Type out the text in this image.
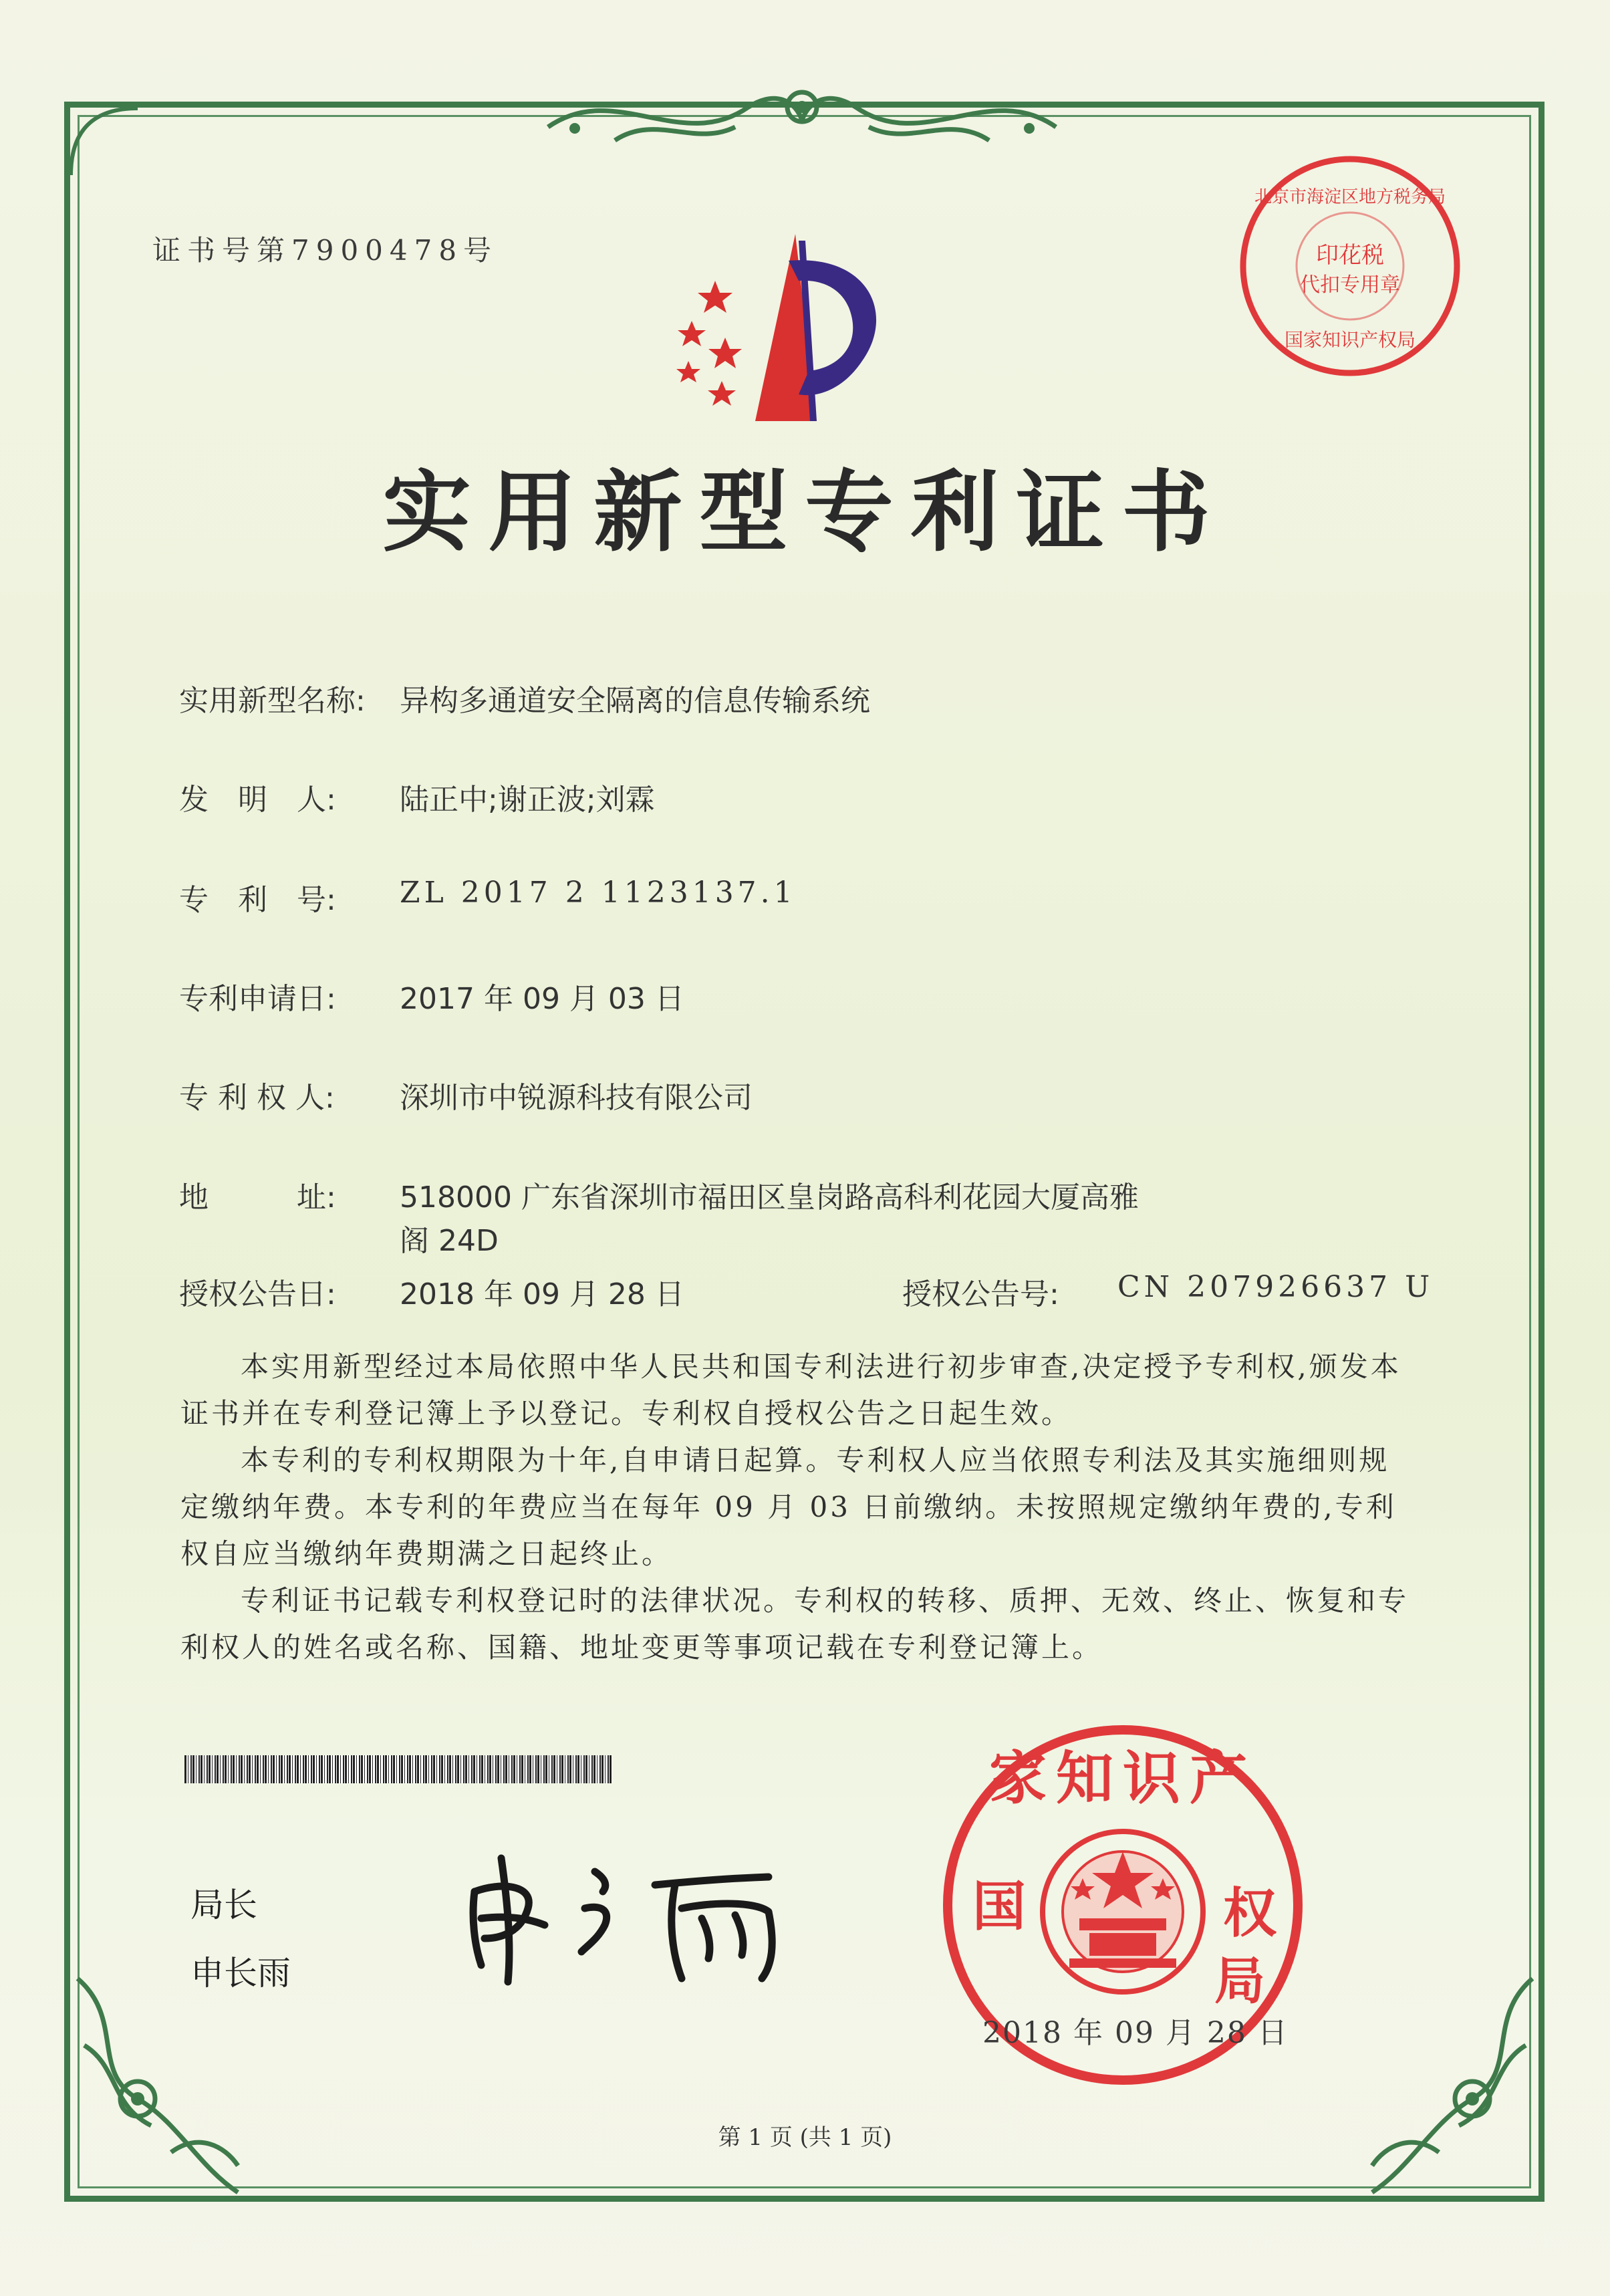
证书号第7900478号
北京市海淀区地方税务局
国家知识产权局
印花税
代扣专用章
实用新型专利证书
实用新型名称: 异构多通道安全隔离的信息传输系统
发　明　人: 陆正中;谢正波;刘霖
专　利　号: ZL 2017 2 1123137.1
专利申请日: 2017 年 09 月 03 日
专 利 权 人: 深圳市中锐源科技有限公司
地　　　址: 518000 广东省深圳市福田区皇岗路高科利花园大厦高雅
阁 24D
授权公告日: 2018 年 09 月 28 日	授权公告号: CN 207926637 U

本实用新型经过本局依照中华人民共和国专利法进行初步审查,决定授予专利权,颁发本证书并在专利登记簿上予以登记。专利权自授权公告之日起生效。

本专利的专利权期限为十年,自申请日起算。专利权人应当依照专利法及其实施细则规定缴纳年费。本专利的年费应当在每年 09 月 03 日前缴纳。未按照规定缴纳年费的,专利权自应当缴纳年费期满之日起终止。

专利证书记载专利权登记时的法律状况。专利权的转移、质押、无效、终止、恢复和专利权人的姓名或名称、国籍、地址变更等事项记载在专利登记簿上。

局长
申长雨
家知识产
国	权
局
2018 年 09 月 28 日
第 1 页 (共 1 页)
